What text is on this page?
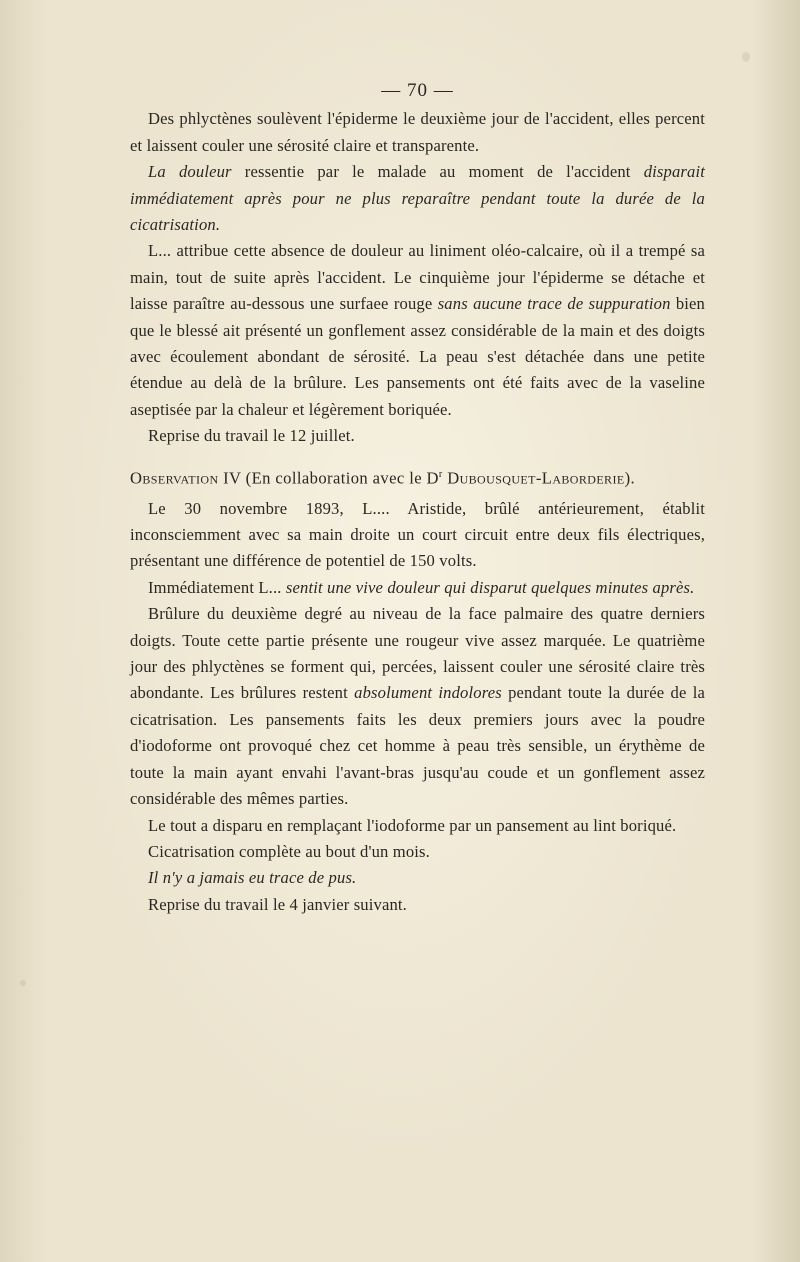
— 70 —

Des phlyctènes soulèvent l'épiderme le deuxième jour de l'accident, elles percent et laissent couler une sérosité claire et transparente.

La douleur ressentie par le malade au moment de l'accident disparait immédiatement après pour ne plus reparaître pendant toute la durée de la cicatrisation.

L... attribue cette absence de douleur au liniment oléo-calcaire, où il a trempé sa main, tout de suite après l'accident. Le cinquième jour l'épiderme se détache et laisse paraître au-dessous une surfaee rouge sans aucune trace de suppuration bien que le blessé ait présenté un gonflement assez considérable de la main et des doigts avec écoulement abondant de sérosité. La peau s'est détachée dans une petite étendue au delà de la brûlure. Les pansements ont été faits avec de la vaseline aseptisée par la chaleur et légèrement boriquée.

Reprise du travail le 12 juillet.

Observation IV (En collaboration avec le $D^r$ Dubousquet-Laborderie).

Le 30 novembre 1893, L.... Aristide, brûlé antérieurement, établit inconsciemment avec sa main droite un court circuit entre deux fils électriques, présentant une différence de potentiel de 150 volts.

Immédiatement L... sentit une vive douleur qui disparut quelques minutes après.

Brûlure du deuxième degré au niveau de la face palmaire des quatre derniers doigts. Toute cette partie présente une rougeur vive assez marquée. Le quatrième jour des phlyctènes se forment qui, percées, laissent couler une sérosité claire très abondante. Les brûlures restent absolument indolores pendant toute la durée de la cicatrisation. Les pansements faits les deux premiers jours avec la poudre d'iodoforme ont provoqué chez cet homme à peau très sensible, un érythème de toute la main ayant envahi l'avant-bras jusqu'au coude et un gonflement assez considérable des mêmes parties.

Le tout a disparu en remplaçant l'iodoforme par un pansement au lint boriqué.

Cicatrisation complète au bout d'un mois.

Il n'y a jamais eu trace de pus.

Reprise du travail le 4 janvier suivant.
